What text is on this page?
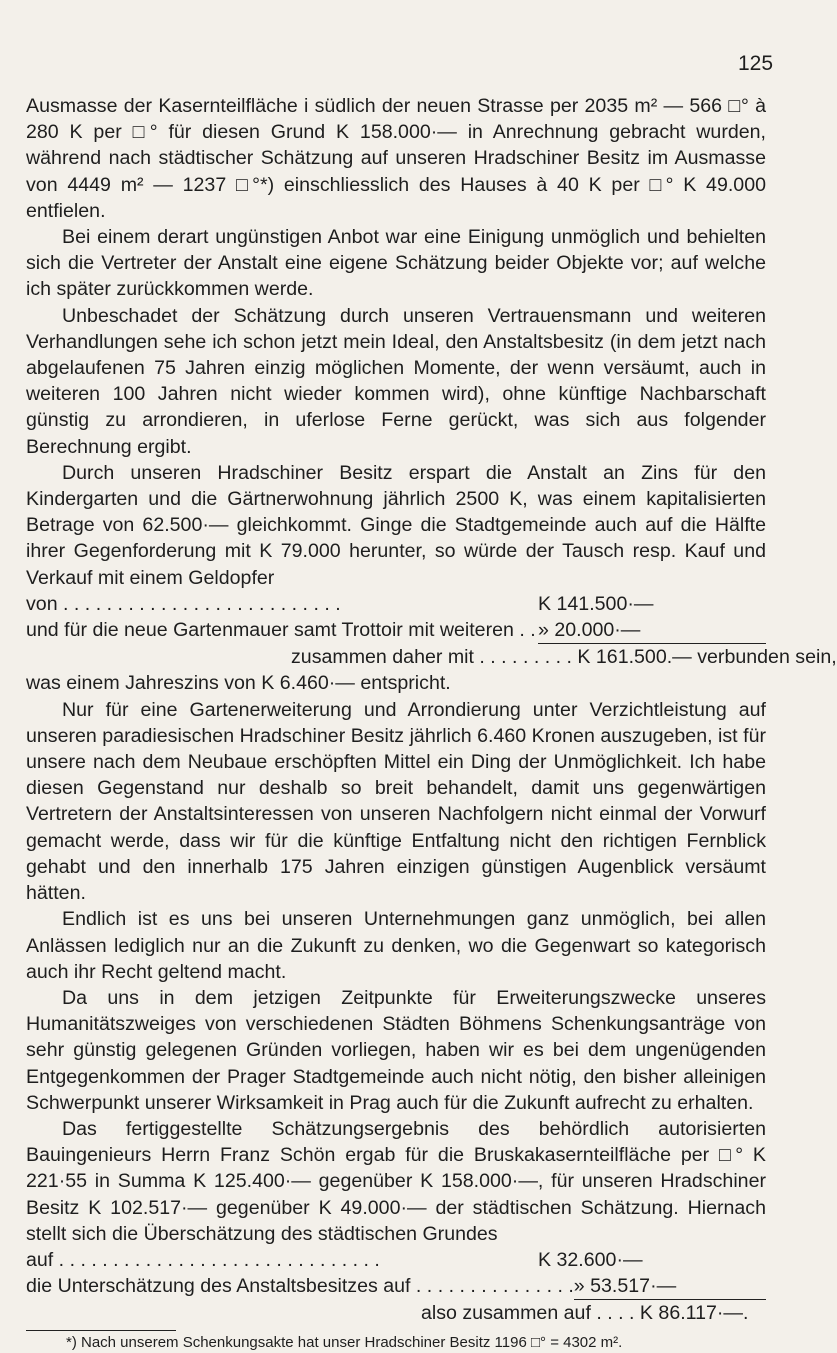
125

Ausmasse der Kasernteilfläche i südlich der neuen Strasse per 2035 m² — 566 □° à 280 K per □° für diesen Grund K 158.000·— in Anrechnung gebracht wurden, während nach städtischer Schätzung auf unseren Hradschiner Besitz im Ausmasse von 4449 m² — 1237 □°*) einschliesslich des Hauses à 40 K per □° K 49.000 entfielen.

Bei einem derart ungünstigen Anbot war eine Einigung unmöglich und behielten sich die Vertreter der Anstalt eine eigene Schätzung beider Objekte vor; auf welche ich später zurückkommen werde.

Unbeschadet der Schätzung durch unseren Vertrauensmann und weiteren Verhandlungen sehe ich schon jetzt mein Ideal, den Anstaltsbesitz (in dem jetzt nach abgelaufenen 75 Jahren einzig möglichen Momente, der wenn versäumt, auch in weiteren 100 Jahren nicht wieder kommen wird), ohne künftige Nachbarschaft günstig zu arrondieren, in uferlose Ferne gerückt, was sich aus folgender Berechnung ergibt.

Durch unseren Hradschiner Besitz erspart die Anstalt an Zins für den Kindergarten und die Gärtnerwohnung jährlich 2500 K, was einem kapitalisierten Betrage von 62.500·— gleichkommt. Ginge die Stadtgemeinde auch auf die Hälfte ihrer Gegenforderung mit K 79.000 herunter, so würde der Tausch resp. Kauf und Verkauf mit einem Geldopfer

von . . . . . . . . . . . . . . . . . . . . . . . . . .	K 141.500·—
und für die neue Gartenmauer samt Trottoir mit weiteren . . » 20.000·—
zusammen daher mit . . . . . . . . . K 161.500.— verbunden sein,

was einem Jahreszins von K 6.460·— entspricht.

Nur für eine Gartenerweiterung und Arrondierung unter Verzichtleistung auf unseren paradiesischen Hradschiner Besitz jährlich 6.460 Kronen auszugeben, ist für unsere nach dem Neubaue erschöpften Mittel ein Ding der Unmöglichkeit. Ich habe diesen Gegenstand nur deshalb so breit behandelt, damit uns gegenwärtigen Vertretern der Anstaltsinteressen von unseren Nachfolgern nicht einmal der Vorwurf gemacht werde, dass wir für die künftige Entfaltung nicht den richtigen Fernblick gehabt und den innerhalb 175 Jahren einzigen günstigen Augenblick versäumt hätten.

Endlich ist es uns bei unseren Unternehmungen ganz unmöglich, bei allen Anlässen lediglich nur an die Zukunft zu denken, wo die Gegenwart so kategorisch auch ihr Recht geltend macht.

Da uns in dem jetzigen Zeitpunkte für Erweiterungszwecke unseres Humanitätszweiges von verschiedenen Städten Böhmens Schenkungsanträge von sehr günstig gelegenen Gründen vorliegen, haben wir es bei dem ungenügenden Entgegenkommen der Prager Stadtgemeinde auch nicht nötig, den bisher alleinigen Schwerpunkt unserer Wirksamkeit in Prag auch für die Zukunft aufrecht zu erhalten.

Das fertiggestellte Schätzungsergebnis des behördlich autorisierten Bauingenieurs Herrn Franz Schön ergab für die Bruskakasernteilfläche per □° K 221·55 in Summa K 125.400·— gegenüber K 158.000·—, für unseren Hradschiner Besitz K 102.517·— gegenüber K 49.000·— der städtischen Schätzung. Hiernach stellt sich die Überschätzung des städtischen Grundes

auf . . . . . . . . . . . . . . . . . . . . . . . . . . . . . .	K 32.600·—
die Unterschätzung des Anstaltsbesitzes auf . . . . . . . . . . . . . . . » 53.517·—
also zusammen auf . . . . K 86.117·—.
*) Nach unserem Schenkungsakte hat unser Hradschiner Besitz 1196 □° = 4302 m².
